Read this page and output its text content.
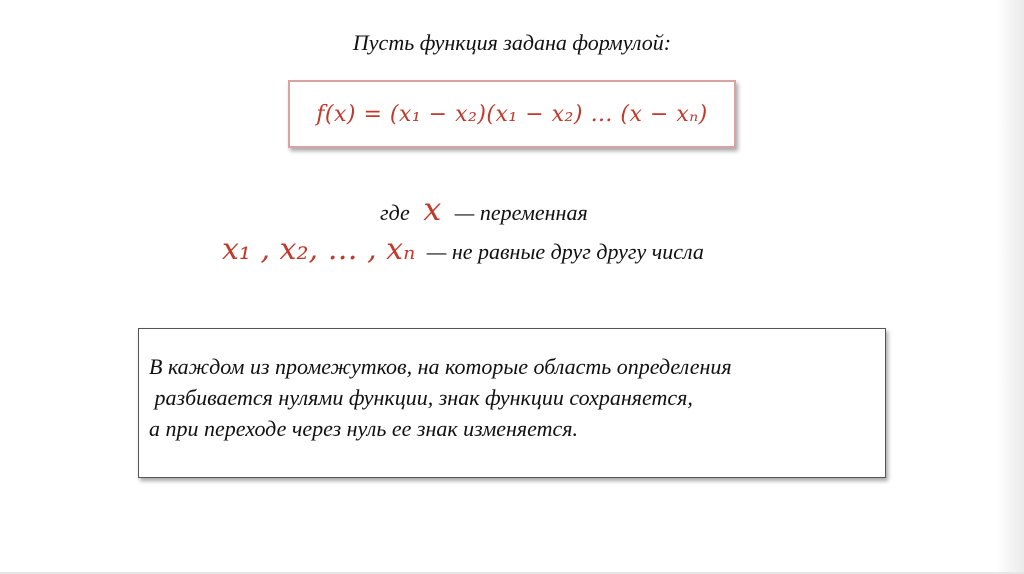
Пусть функция задана формулой:
f(x) = (x₁ − x₂)(x₁ − x₂) … (x − xₙ)
где x — переменная
x₁ , x₂, … , xₙ — не равные друг другу числа
В каждом из промежутков, на которые область определения
разбивается нулями функции, знак функции сохраняется,
а при переходе через нуль ее знак изменяется.
